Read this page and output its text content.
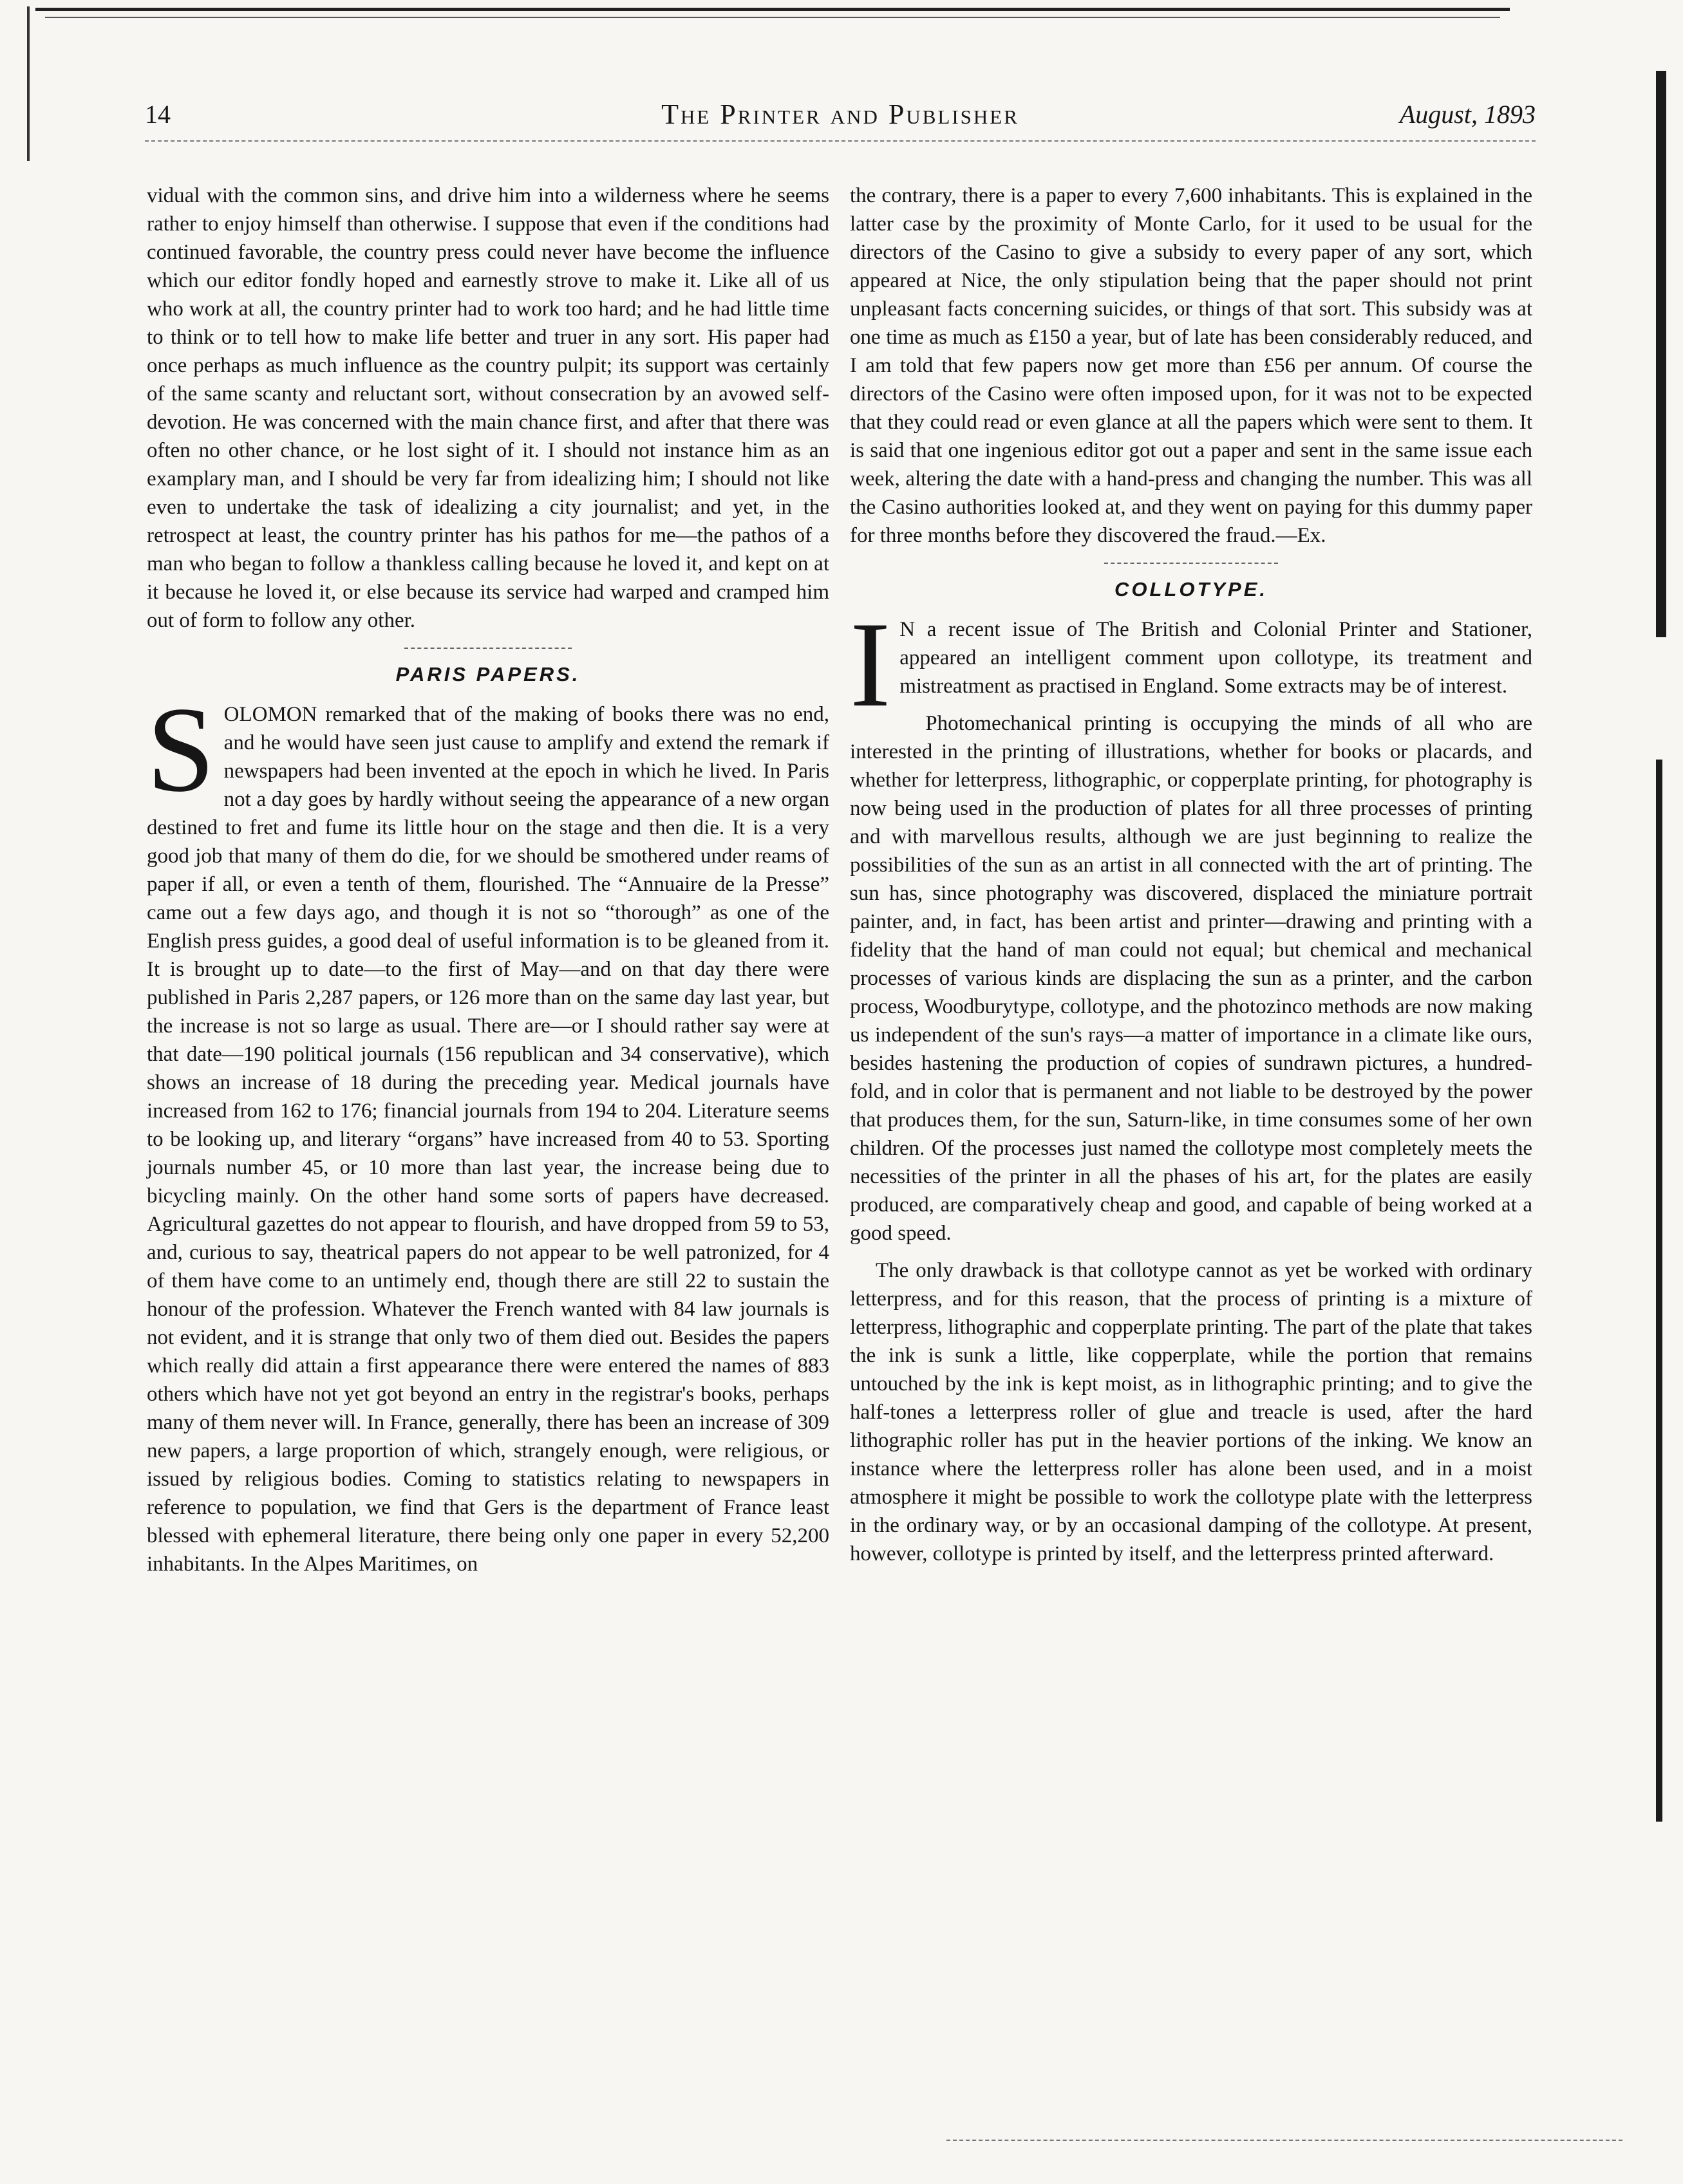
14	The Printer and Publisher	August, 1893

vidual with the common sins, and drive him into a wilderness where he seems rather to enjoy himself than otherwise. I suppose that even if the conditions had continued favorable, the country press could never have become the influence which our editor fondly hoped and earnestly strove to make it. Like all of us who work at all, the country printer had to work too hard; and he had little time to think or to tell how to make life better and truer in any sort. His paper had once perhaps as much influence as the country pulpit; its support was certainly of the same scanty and reluctant sort, without consecration by an avowed self-devotion. He was concerned with the main chance first, and after that there was often no other chance, or he lost sight of it. I should not instance him as an examplary man, and I should be very far from idealizing him; I should not like even to undertake the task of idealizing a city journalist; and yet, in the retrospect at least, the country printer has his pathos for me—the pathos of a man who began to follow a thankless calling because he loved it, and kept on at it because he loved it, or else because its service had warped and cramped him out of form to follow any other.

PARIS PAPERS.

SOLOMON remarked that of the making of books there was no end, and he would have seen just cause to amplify and extend the remark if newspapers had been invented at the epoch in which he lived. In Paris not a day goes by hardly without seeing the appearance of a new organ destined to fret and fume its little hour on the stage and then die. It is a very good job that many of them do die, for we should be smothered under reams of paper if all, or even a tenth of them, flourished. The “Annuaire de la Presse” came out a few days ago, and though it is not so “thorough” as one of the English press guides, a good deal of useful information is to be gleaned from it. It is brought up to date—to the first of May—and on that day there were published in Paris 2,287 papers, or 126 more than on the same day last year, but the increase is not so large as usual. There are—or I should rather say were at that date—190 political journals (156 republican and 34 conservative), which shows an increase of 18 during the preceding year. Medical journals have increased from 162 to 176; financial journals from 194 to 204. Literature seems to be looking up, and literary “organs” have increased from 40 to 53. Sporting journals number 45, or 10 more than last year, the increase being due to bicycling mainly. On the other hand some sorts of papers have decreased. Agricultural gazettes do not appear to flourish, and have dropped from 59 to 53, and, curious to say, theatrical papers do not appear to be well patronized, for 4 of them have come to an untimely end, though there are still 22 to sustain the honour of the profession. Whatever the French wanted with 84 law journals is not evident, and it is strange that only two of them died out. Besides the papers which really did attain a first appearance there were entered the names of 883 others which have not yet got beyond an entry in the registrar's books, perhaps many of them never will. In France, generally, there has been an increase of 309 new papers, a large proportion of which, strangely enough, were religious, or issued by religious bodies. Coming to statistics relating to newspapers in reference to population, we find that Gers is the department of France least blessed with ephemeral literature, there being only one paper in every 52,200 inhabitants. In the Alpes Maritimes, on

the contrary, there is a paper to every 7,600 inhabitants. This is explained in the latter case by the proximity of Monte Carlo, for it used to be usual for the directors of the Casino to give a subsidy to every paper of any sort, which appeared at Nice, the only stipulation being that the paper should not print unpleasant facts concerning suicides, or things of that sort. This subsidy was at one time as much as £150 a year, but of late has been considerably reduced, and I am told that few papers now get more than £56 per annum. Of course the directors of the Casino were often imposed upon, for it was not to be expected that they could read or even glance at all the papers which were sent to them. It is said that one ingenious editor got out a paper and sent in the same issue each week, altering the date with a hand-press and changing the number. This was all the Casino authorities looked at, and they went on paying for this dummy paper for three months before they discovered the fraud.—Ex.

COLLOTYPE.

I N a recent issue of The British and Colonial Printer and Stationer, appeared an intelligent comment upon collotype, its treatment and mistreatment as practised in England. Some extracts may be of interest.

Photomechanical printing is occupying the minds of all who are interested in the printing of illustrations, whether for books or placards, and whether for letterpress, lithographic, or copperplate printing, for photography is now being used in the production of plates for all three processes of printing and with marvellous results, although we are just beginning to realize the possibilities of the sun as an artist in all connected with the art of printing. The sun has, since photography was discovered, displaced the miniature portrait painter, and, in fact, has been artist and printer—drawing and printing with a fidelity that the hand of man could not equal; but chemical and mechanical processes of various kinds are displacing the sun as a printer, and the carbon process, Woodburytype, collotype, and the photozinco methods are now making us independent of the sun's rays—a matter of importance in a climate like ours, besides hastening the production of copies of sundrawn pictures, a hundred-fold, and in color that is permanent and not liable to be destroyed by the power that produces them, for the sun, Saturn-like, in time consumes some of her own children. Of the processes just named the collotype most completely meets the necessities of the printer in all the phases of his art, for the plates are easily produced, are comparatively cheap and good, and capable of being worked at a good speed.

The only drawback is that collotype cannot as yet be worked with ordinary letterpress, and for this reason, that the process of printing is a mixture of letterpress, lithographic and copperplate printing. The part of the plate that takes the ink is sunk a little, like copperplate, while the portion that remains untouched by the ink is kept moist, as in lithographic printing; and to give the half-tones a letterpress roller of glue and treacle is used, after the hard lithographic roller has put in the heavier portions of the inking. We know an instance where the letterpress roller has alone been used, and in a moist atmosphere it might be possible to work the collotype plate with the letterpress in the ordinary way, or by an occasional damping of the collotype. At present, however, collotype is printed by itself, and the letterpress printed afterward.
